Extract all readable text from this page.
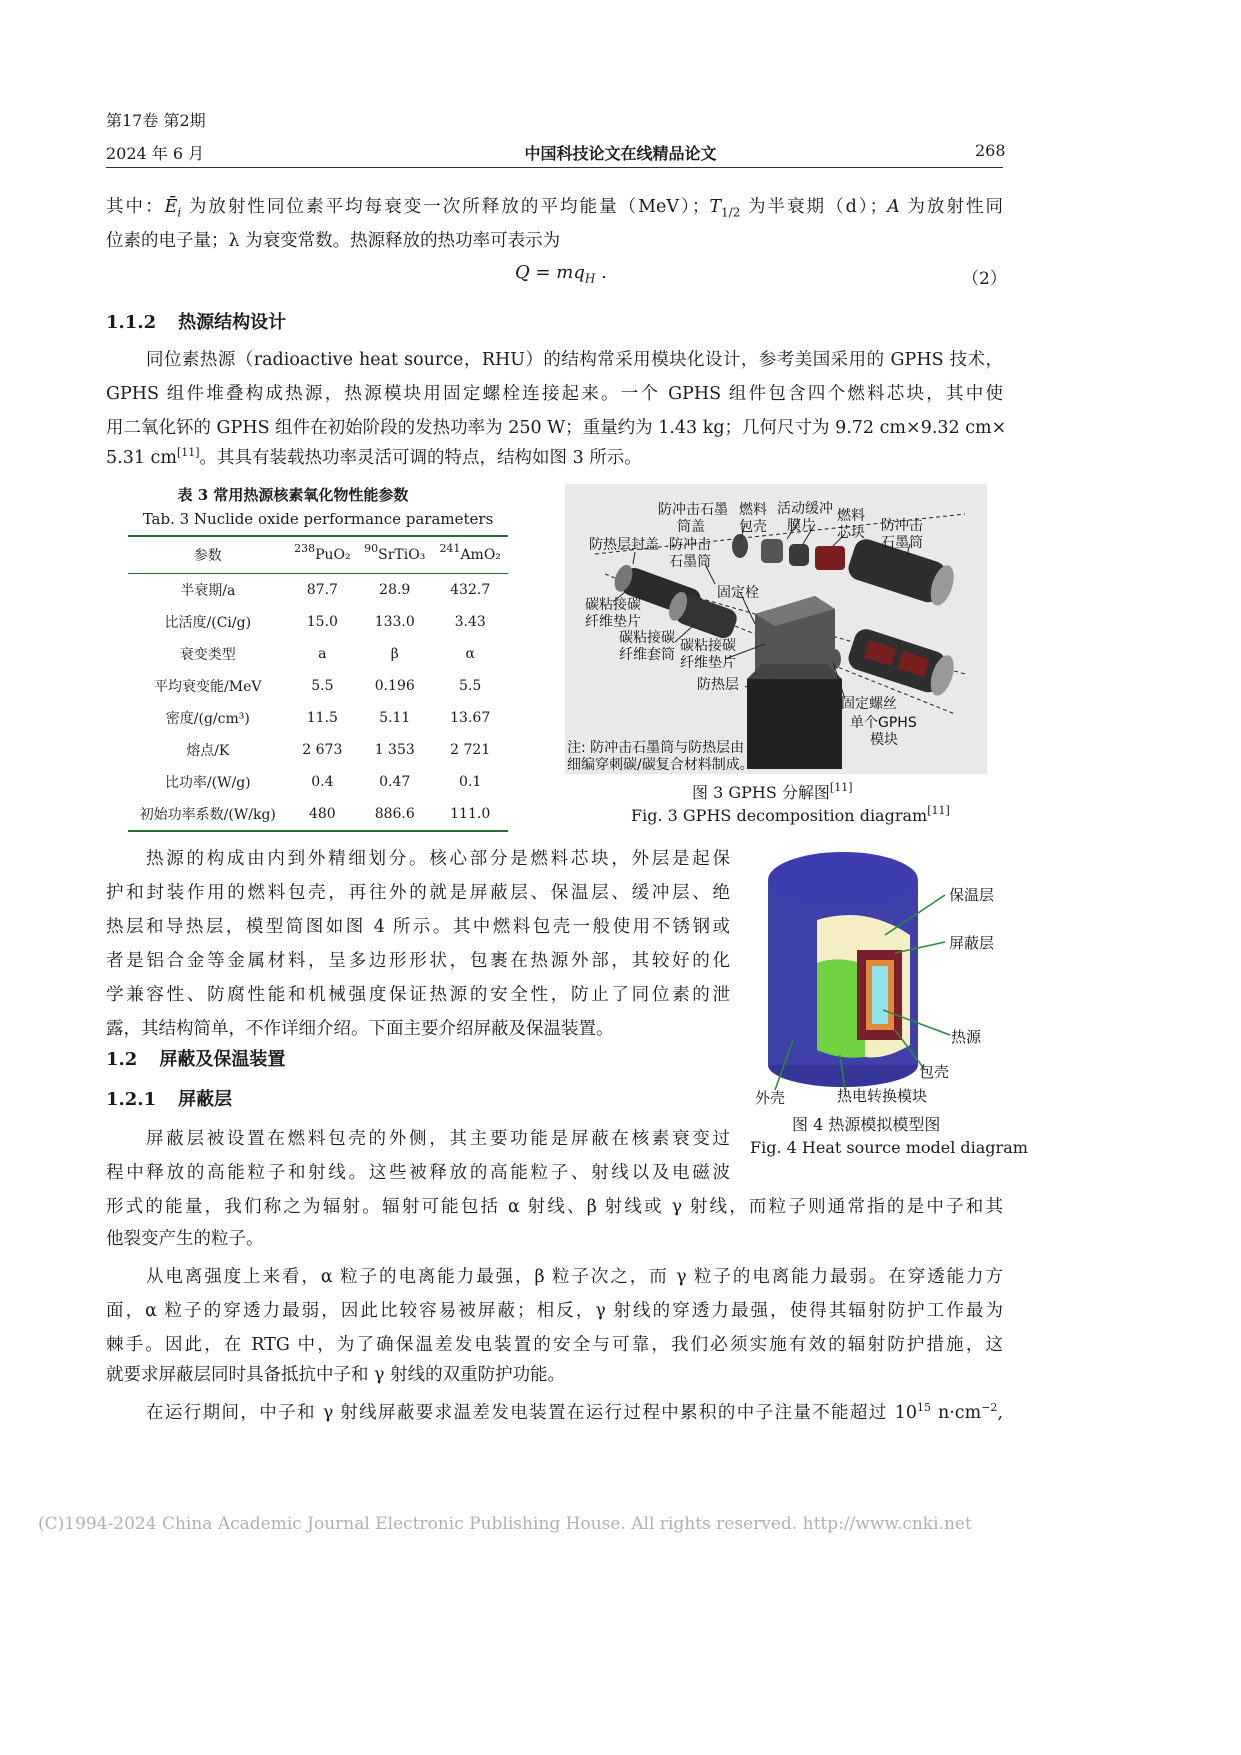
第17卷 第2期
2024 年 6 月	中国科技论文在线精品论文	268
其中：$Ē_i$ 为放射性同位素平均每衰变一次所释放的平均能量（MeV）；$T_{1/2}$ 为半衰期（d）；A 为放射性同
位素的电子量；λ 为衰变常数。热源释放的热功率可表示为
$Q = mq_H$ .	（2）
1.1.2 热源结构设计
同位素热源（radioactive heat source，RHU）的结构常采用模块化设计，参考美国采用的 GPHS 技术，
GPHS 组件堆叠构成热源，热源模块用固定螺栓连接起来。一个 GPHS 组件包含四个燃料芯块，其中使
用二氧化钚的 GPHS 组件在初始阶段的发热功率为 250 W；重量约为 1.43 kg；几何尺寸为 9.72 cm×9.32 cm×
5.31 cm[11]。其具有装载热功率灵活可调的特点，结构如图 3 所示。
表 3 常用热源核素氧化物性能参数
Tab. 3 Nuclide oxide performance parameters
参数	$^{238}$PuO₂	$^{90}$SrTiO₃	$^{241}$AmO₂
半衰期/a	87.7	28.9	432.7
比活度/(Ci/g)	15.0	133.0	3.43
衰变类型	a	β	α
平均衰变能/MeV	5.5	0.196	5.5
密度/(g/cm³)	11.5	5.11	13.67
熔点/K	2 673	1 353	2 721
比功率/(W/g)	0.4	0.47	0.1
初始功率系数/(W/kg)	480	886.6	111.0
防冲击石墨
筒盖
燃料
包壳
活动缓冲
膜片
燃料
芯块 防冲击
石墨筒
防热层封盖 防冲击
石墨筒
固定栓
碳粘接碳
纤维垫片
碳粘接碳
纤维套筒
碳粘接碳
纤维垫片
防热层
固定螺丝
单个GPHS
模块
注: 防冲击石墨筒与防热层由
细编穿刺碳/碳复合材料制成。
图 3 GPHS 分解图[11]
Fig. 3 GPHS decomposition diagram[11]
热源的构成由内到外精细划分。核心部分是燃料芯块，外层是起保
护和封装作用的燃料包壳，再往外的就是屏蔽层、保温层、缓冲层、绝
热层和导热层，模型简图如图 4 所示。其中燃料包壳一般使用不锈钢或
者是铝合金等金属材料，呈多边形形状，包裹在热源外部，其较好的化
学兼容性、防腐性能和机械强度保证热源的安全性，防止了同位素的泄
露，其结构简单，不作详细介绍。下面主要介绍屏蔽及保温装置。
1.2 屏蔽及保温装置
1.2.1 屏蔽层
保温层
屏蔽层
热源
包壳
外壳	热电转换模块
图 4 热源模拟模型图
Fig. 4 Heat source model diagram
屏蔽层被设置在燃料包壳的外侧，其主要功能是屏蔽在核素衰变过
程中释放的高能粒子和射线。这些被释放的高能粒子、射线以及电磁波
形式的能量，我们称之为辐射。辐射可能包括 α 射线、β 射线或 γ 射线，而粒子则通常指的是中子和其
他裂变产生的粒子。
从电离强度上来看，α 粒子的电离能力最强，β 粒子次之，而 γ 粒子的电离能力最弱。在穿透能力方
面，α 粒子的穿透力最弱，因此比较容易被屏蔽；相反，γ 射线的穿透力最强，使得其辐射防护工作最为
棘手。因此，在 RTG 中，为了确保温差发电装置的安全与可靠，我们必须实施有效的辐射防护措施，这
就要求屏蔽层同时具备抵抗中子和 γ 射线的双重防护功能。
在运行期间，中子和 γ 射线屏蔽要求温差发电装置在运行过程中累积的中子注量不能超过 $10^{15}$ $n\cdot cm^{-2}$,
(C)1994-2024 China Academic Journal Electronic Publishing House. All rights reserved. http://www.cnki.net
